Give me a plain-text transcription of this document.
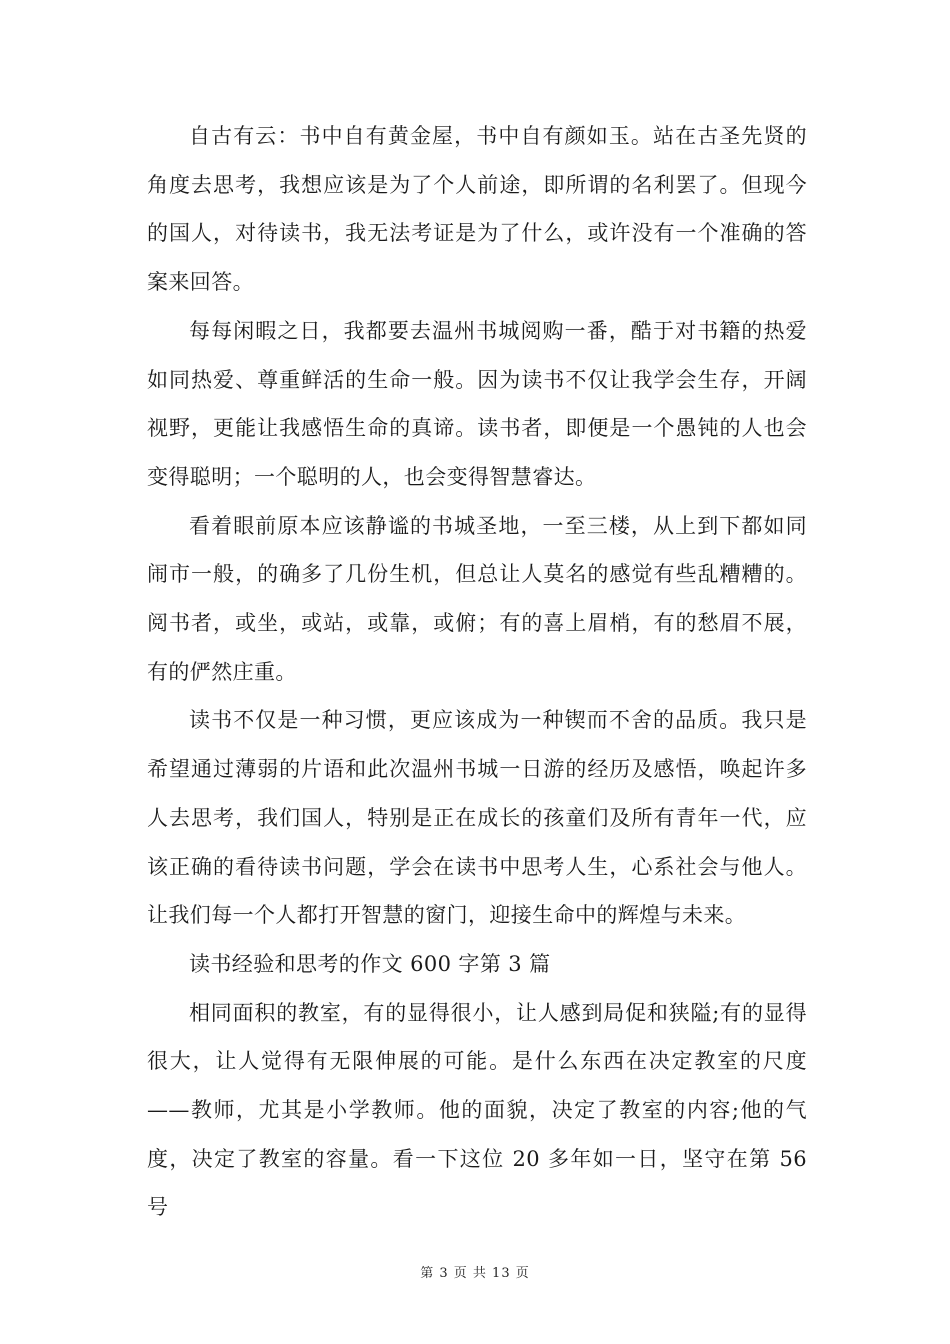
自古有云：书中自有黄金屋，书中自有颜如玉。站在古圣先贤的角度去思考，我想应该是为了个人前途，即所谓的名利罢了。但现今的国人，对待读书，我无法考证是为了什么，或许没有一个准确的答案来回答。

每每闲暇之日，我都要去温州书城阅购一番，酷于对书籍的热爱如同热爱、尊重鲜活的生命一般。因为读书不仅让我学会生存，开阔视野，更能让我感悟生命的真谛。读书者，即便是一个愚钝的人也会变得聪明；一个聪明的人，也会变得智慧睿达。

看着眼前原本应该静谧的书城圣地，一至三楼，从上到下都如同闹市一般，的确多了几份生机，但总让人莫名的感觉有些乱糟糟的。阅书者，或坐，或站，或靠，或俯；有的喜上眉梢，有的愁眉不展，有的俨然庄重。

读书不仅是一种习惯，更应该成为一种锲而不舍的品质。我只是希望通过薄弱的片语和此次温州书城一日游的经历及感悟，唤起许多人去思考，我们国人，特别是正在成长的孩童们及所有青年一代，应该正确的看待读书问题，学会在读书中思考人生，心系社会与他人。让我们每一个人都打开智慧的窗门，迎接生命中的辉煌与未来。

读书经验和思考的作文 600 字第 3 篇

相同面积的教室，有的显得很小，让人感到局促和狭隘;有的显得很大，让人觉得有无限伸展的可能。是什么东西在决定教室的尺度——教师，尤其是小学教师。他的面貌，决定了教室的内容;他的气度，决定了教室的容量。看一下这位 20 多年如一日，坚守在第 56 号

第 3 页 共 13 页
